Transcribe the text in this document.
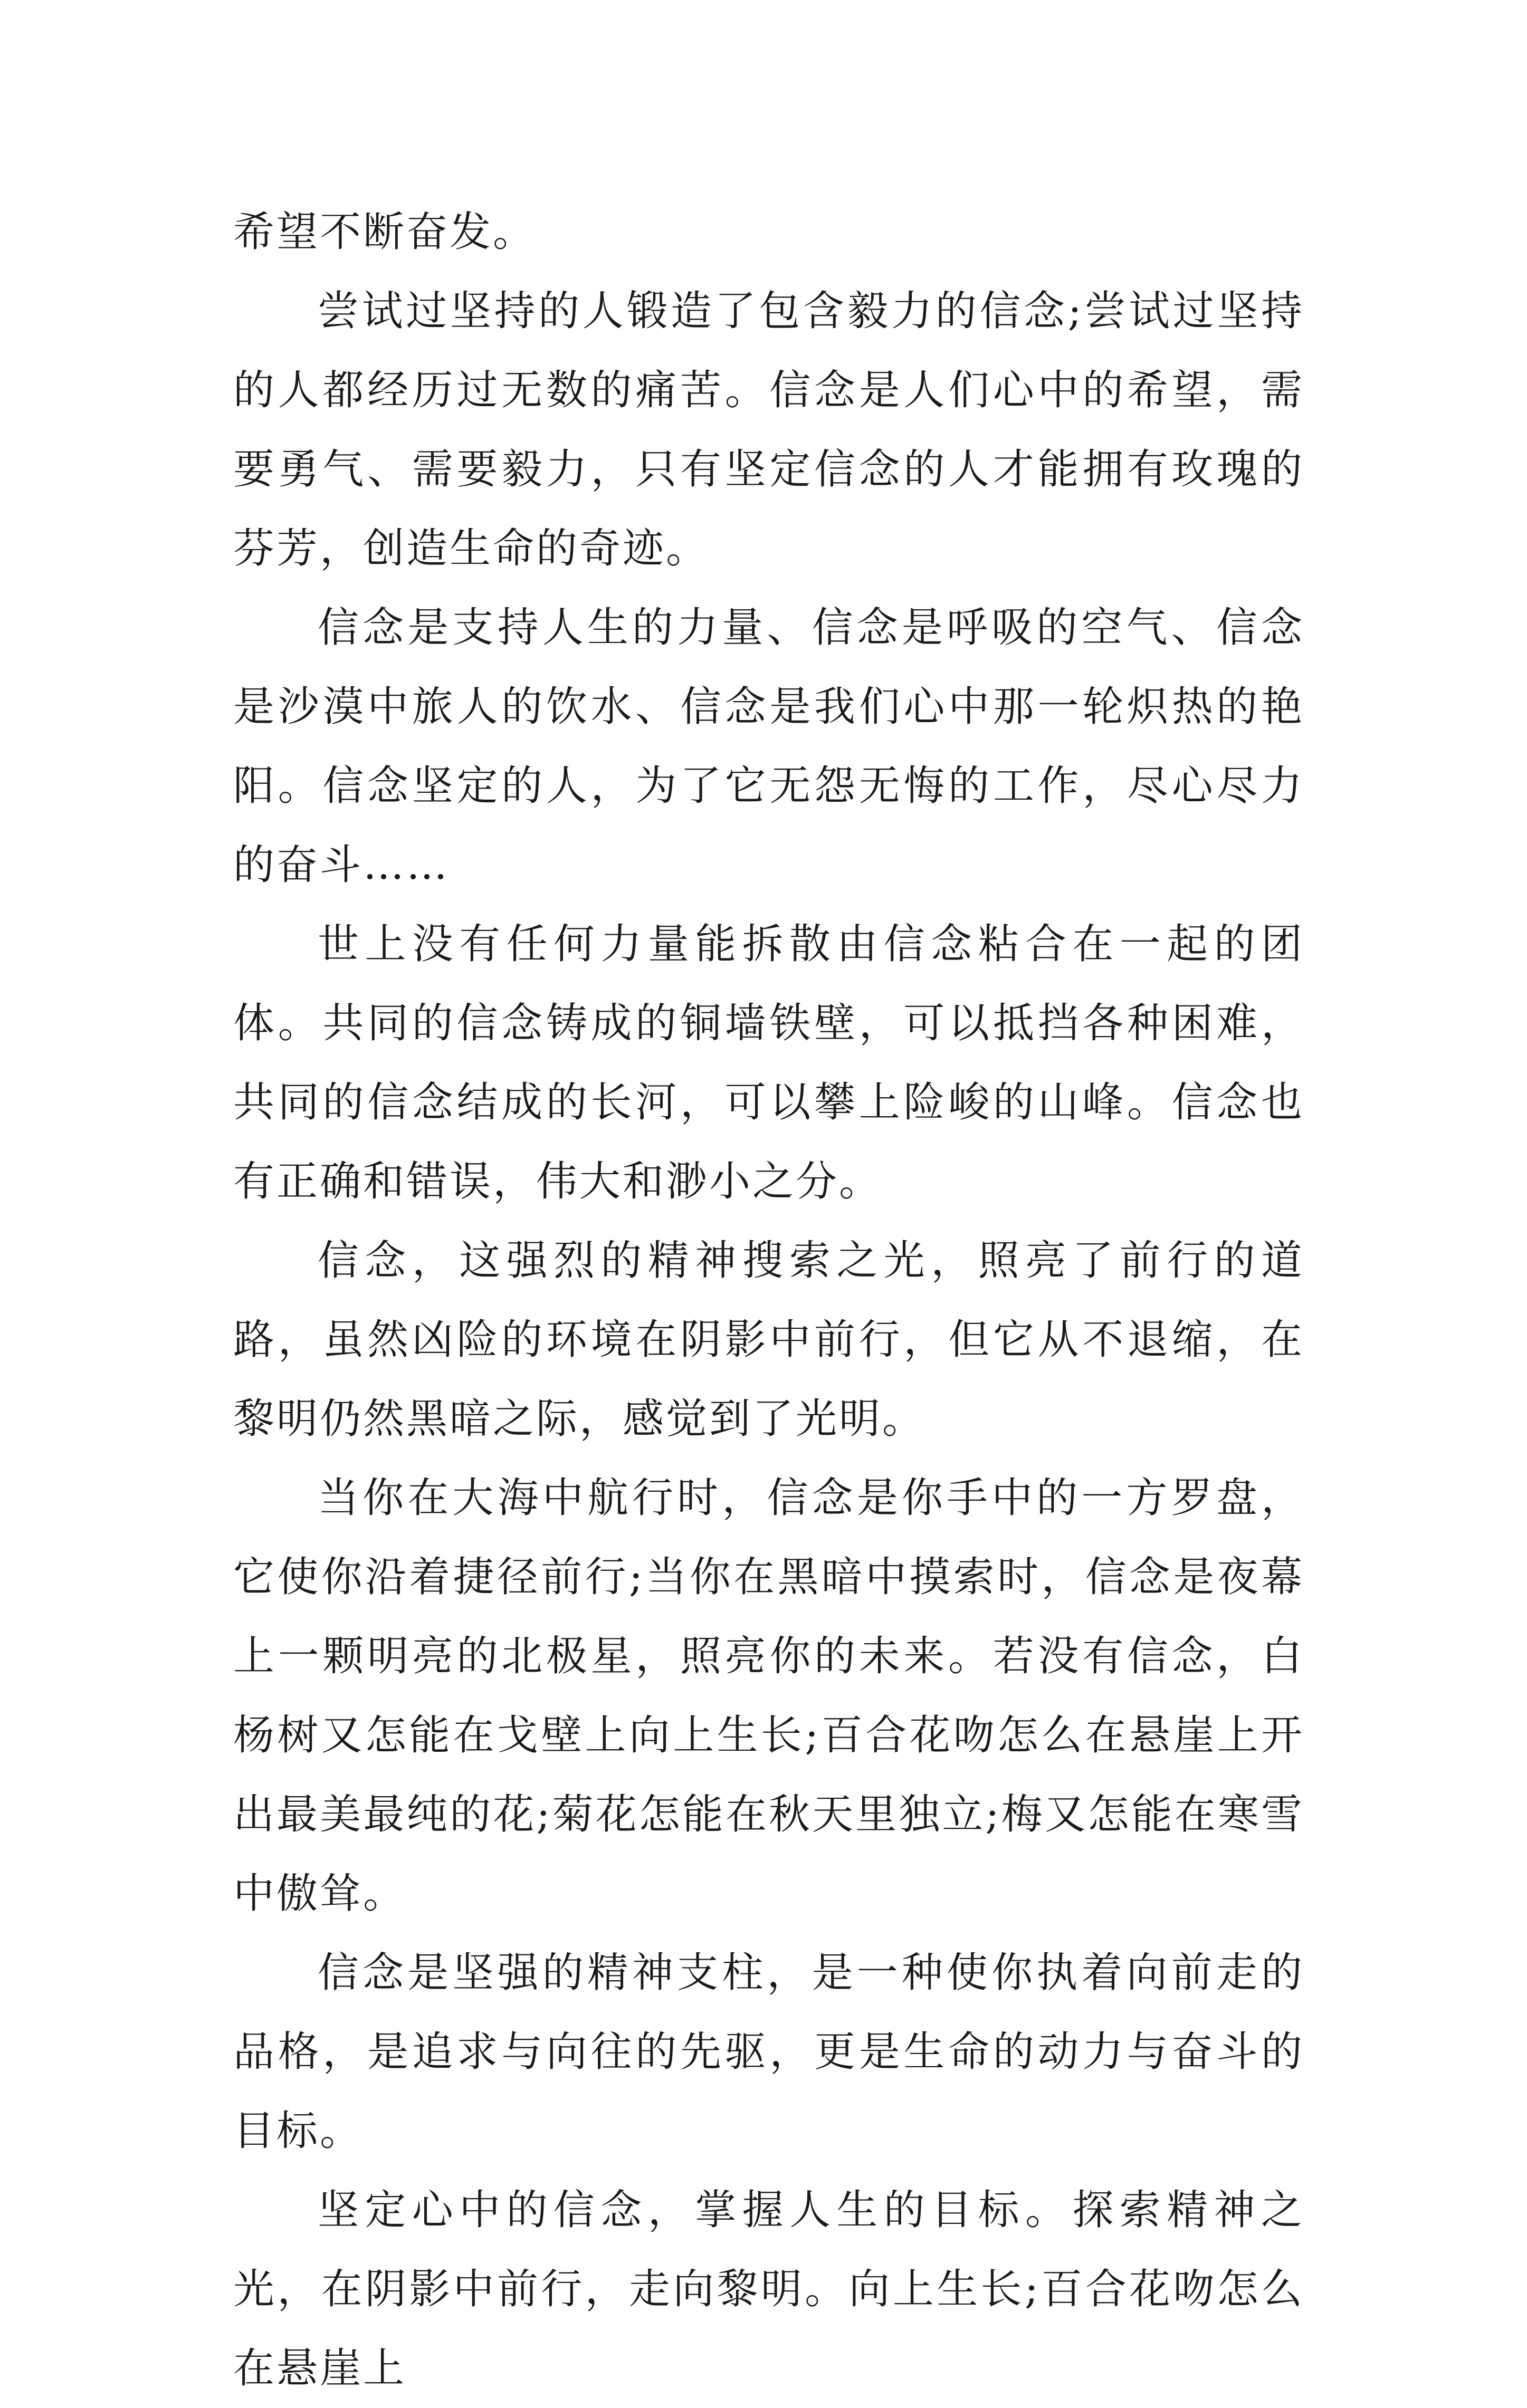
希望不断奋发。

尝试过坚持的人锻造了包含毅力的信念;尝试过坚持的人都经历过无数的痛苦。信念是人们心中的希望，需要勇气、需要毅力，只有坚定信念的人才能拥有玫瑰的芬芳，创造生命的奇迹。

信念是支持人生的力量、信念是呼吸的空气、信念是沙漠中旅人的饮水、信念是我们心中那一轮炽热的艳阳。信念坚定的人，为了它无怨无悔的工作，尽心尽力的奋斗……

世上没有任何力量能拆散由信念粘合在一起的团体。共同的信念铸成的铜墙铁壁，可以抵挡各种困难，共同的信念结成的长河，可以攀上险峻的山峰。信念也有正确和错误，伟大和渺小之分。

信念，这强烈的精神搜索之光，照亮了前行的道路，虽然凶险的环境在阴影中前行，但它从不退缩，在黎明仍然黑暗之际，感觉到了光明。

当你在大海中航行时，信念是你手中的一方罗盘，它使你沿着捷径前行;当你在黑暗中摸索时，信念是夜幕上一颗明亮的北极星，照亮你的未来。若没有信念，白杨树又怎能在戈壁上向上生长;百合花吻怎么在悬崖上开出最美最纯的花;菊花怎能在秋天里独立;梅又怎能在寒雪中傲耸。

信念是坚强的精神支柱，是一种使你执着向前走的品格，是追求与向往的先驱，更是生命的动力与奋斗的目标。

坚定心中的信念，掌握人生的目标。探索精神之光，在阴影中前行，走向黎明。向上生长;百合花吻怎么在悬崖上
